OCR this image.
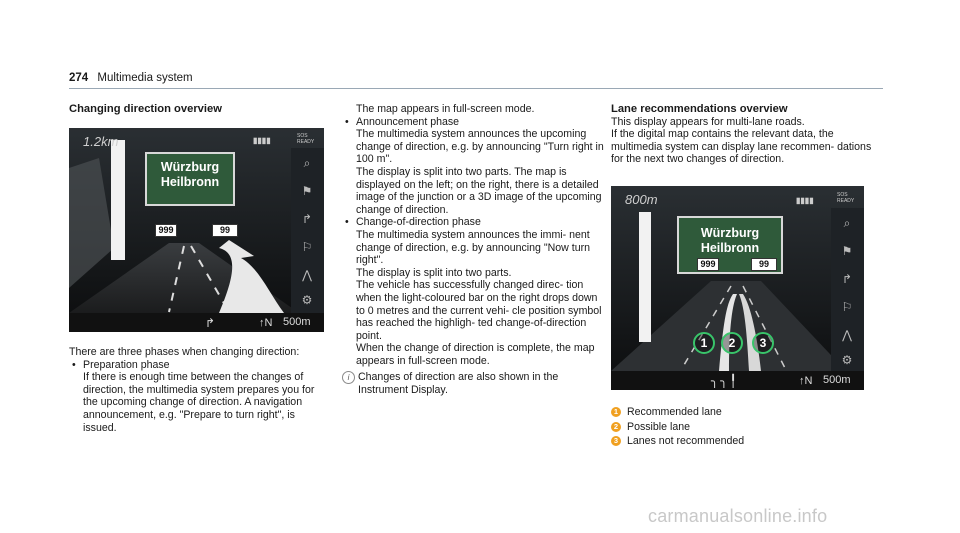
274 Multimedia system

Changing direction overview

1.2km
Würzburg
Heilbronn
999	99
▮▮▮▮	SOS READY
⌕
⚑
↱
⚐
⋀
⚙
↱	↑N 500m

There are three phases when changing direction:

• Preparation phase

If there is enough time between the changes of direction, the multimedia system prepares you for the upcoming change of direction. A navigation announcement, e.g. "Prepare to turn right", is issued.

The map appears in full-screen mode.

• Announcement phase

The multimedia system announces the upcoming change of direction, e.g. by announcing "Turn right in 100 m".

The display is split into two parts. The map is displayed on the left; on the right, there is a detailed image of the junction or a 3D image of the upcoming change of direction.

• Change-of-direction phase

The multimedia system announces the immi- nent change of direction, e.g. by announcing "Now turn right".

The display is split into two parts.

The vehicle has successfully changed direc- tion when the light-coloured bar on the right drops down to 0 metres and the current vehi- cle position symbol has reached the highligh- ted change-of-direction point.

When the change of direction is complete, the map appears in full-screen mode.

i Changes of direction are also shown in the Instrument Display.

Lane recommendations overview

This display appears for multi-lane roads.

If the digital map contains the relevant data, the multimedia system can display lane recommen- dations for the next two changes of direction.

800m
Würzburg
Heilbronn
999	99
▮▮▮▮
SOS READY
⌕
⚑
↱
⚐
⋀
⚙
1	2	3
╮╮╿	↑N 500m

1 Recommended lane

2 Possible lane

3 Lanes not recommended

carmanualsonline.info
